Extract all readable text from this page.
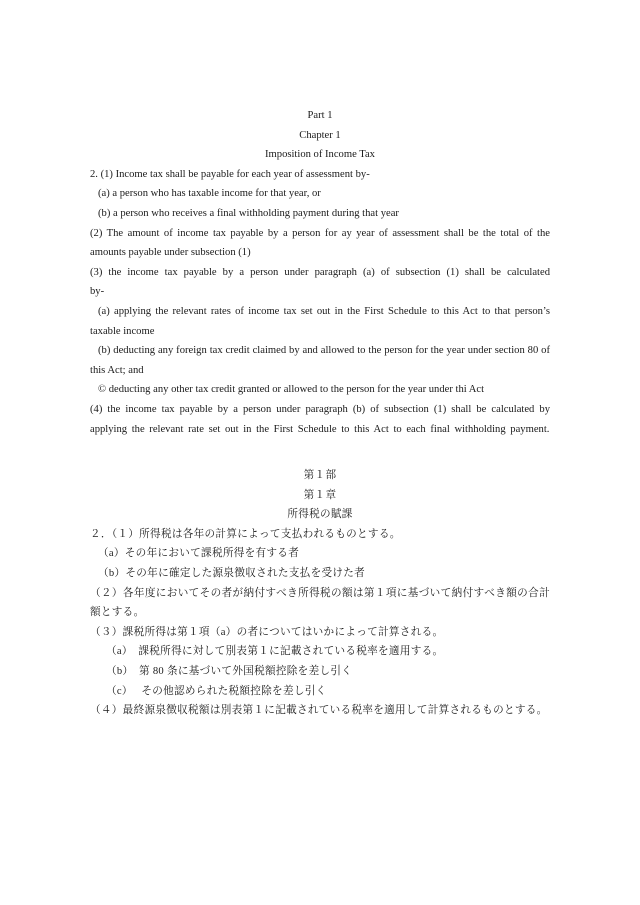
Part 1

Chapter 1

Imposition of Income Tax

2. (1) Income tax shall be payable for each year of assessment by-

(a) a person who has taxable income for that year, or

(b) a person who receives a final withholding payment during that year

(2) The amount of income tax payable by a person for ay year of assessment shall be the total of the amounts payable under subsection (1)

(3) the income tax payable by a person under paragraph (a) of subsection (1) shall be calculated by-

(a) applying the relevant rates of income tax set out in the First Schedule to this Act to that person’s taxable income

(b) deducting any foreign tax credit claimed by and allowed to the person for the year under section 80 of this Act; and

© deducting any other tax credit granted or allowed to the person for the year under thi Act

(4) the income tax payable by a person under paragraph (b) of subsection (1) shall be calculated by applying the relevant rate set out in the First Schedule to this Act to each final withholding payment.

第１部

第１章

所得税の賦課

２．（１）所得税は各年の計算によって支払われるものとする。

（a）その年において課税所得を有する者

（b）その年に確定した源泉徴収された支払を受けた者

（２）各年度においてその者が納付すべき所得税の額は第１項に基づいて納付すべき額の合計額とする。

（３）課税所得は第１項（a）の者についてはいかによって計算される。

（a）　課税所得に対して別表第１に記載されている税率を適用する。

（b）　第 80 条に基づいて外国税額控除を差し引く

（c）　 その他認められた税額控除を差し引く

（４）最終源泉徴収税額は別表第１に記載されている税率を適用して計算されるものとする。
